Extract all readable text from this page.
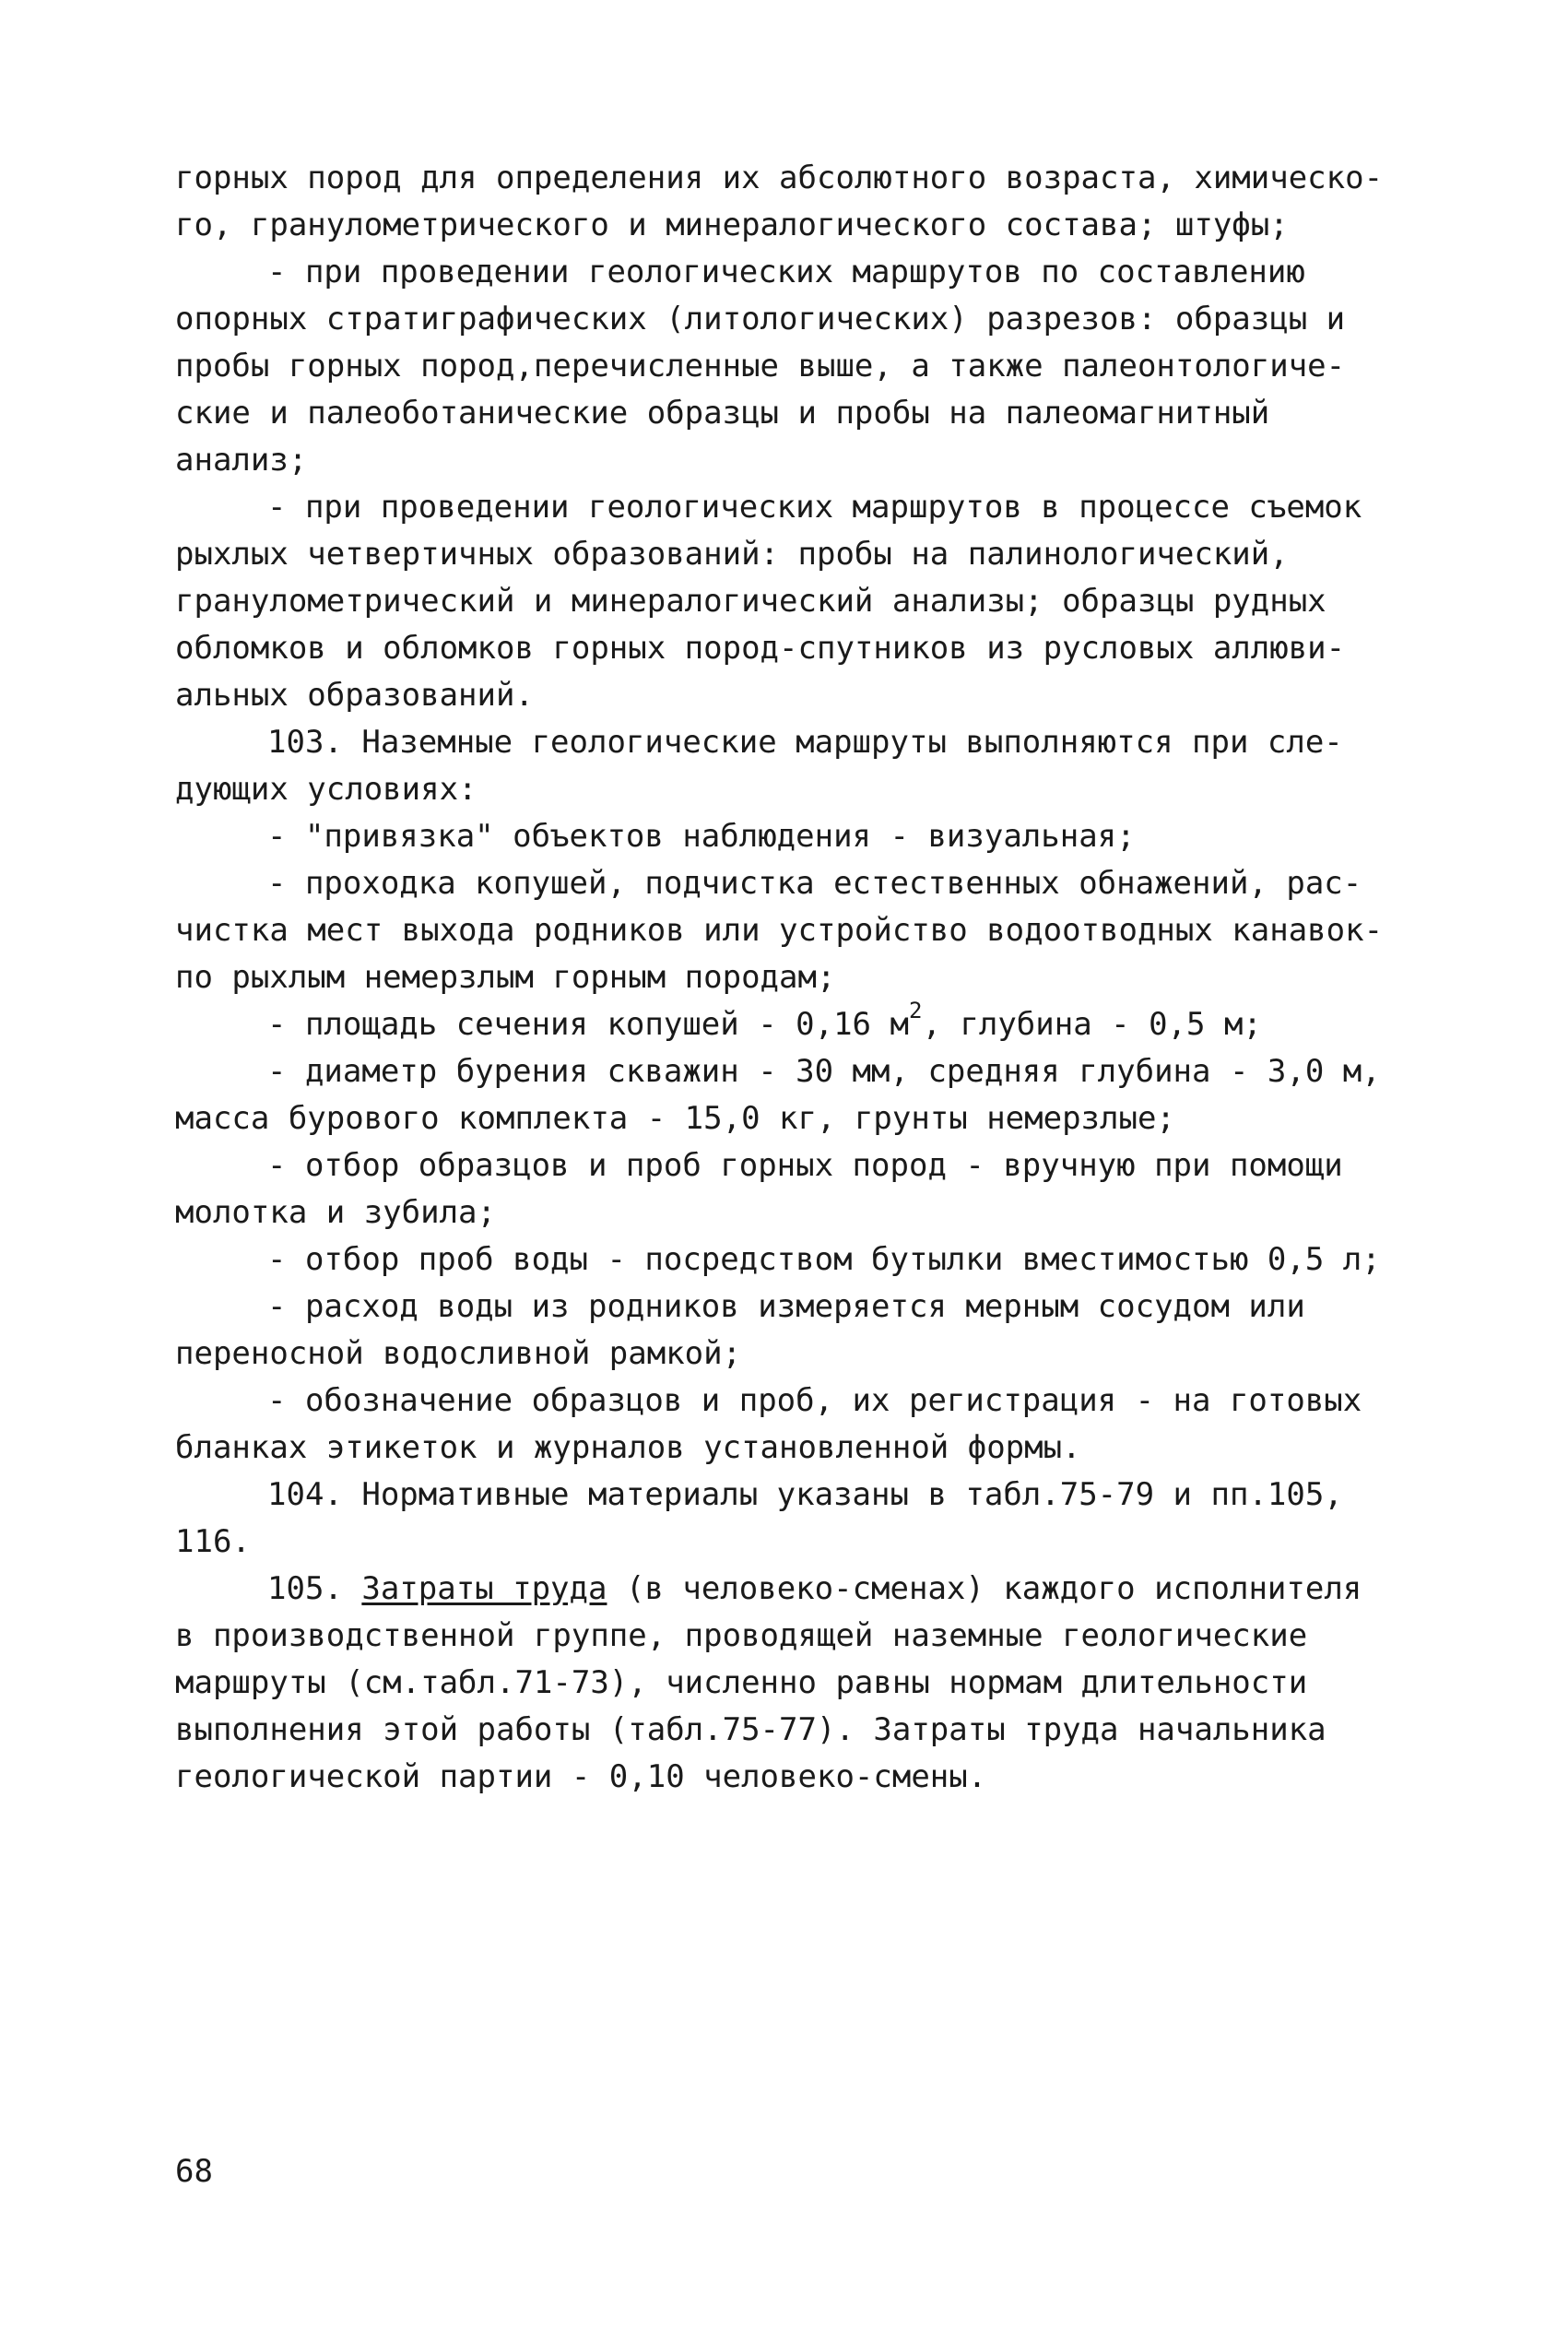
горных пород для определения их абсолютного возраста, химическо-
го, гранулометрического и минералогического состава; штуфы;
- при проведении геологических маршрутов по составлению
опорных стратиграфических (литологических) разрезов: образцы и
пробы горных пород,перечисленные выше, а также палеонтологиче-
ские и палеоботанические образцы и пробы на палеомагнитный
анализ;
- при проведении геологических маршрутов в процессе съемок
рыхлых четвертичных образований: пробы на палинологический,
гранулометрический и минералогический анализы; образцы рудных
обломков и обломков горных пород-спутников из русловых аллюви-
альных образований.
103. Наземные геологические маршруты выполняются при сле-
дующих условиях:
- "привязка" объектов наблюдения - визуальная;
- проходка копушей, подчистка естественных обнажений, рас-
чистка мест выхода родников или устройство водоотводных канавок-
по рыхлым немерзлым горным породам;
- площадь сечения копушей - 0,16 $м^2$, глубина - 0,5 м;
- диаметр бурения скважин - 30 мм, средняя глубина - 3,0 м,
масса бурового комплекта - 15,0 кг, грунты немерзлые;
- отбор образцов и проб горных пород - вручную при помощи
молотка и зубила;
- отбор проб воды - посредством бутылки вместимостью 0,5 л;
- расход воды из родников измеряется мерным сосудом или
переносной водосливной рамкой;
- обозначение образцов и проб, их регистрация - на готовых
бланках этикеток и журналов установленной формы.
104. Нормативные материалы указаны в табл.75-79 и пп.105,
116.
105. Затраты труда (в человеко-сменах) каждого исполнителя
в производственной группе, проводящей наземные геологические
маршруты (см.табл.71-73), численно равны нормам длительности
выполнения этой работы (табл.75-77). Затраты труда начальника
геологической партии - 0,10 человеко-смены.
68
